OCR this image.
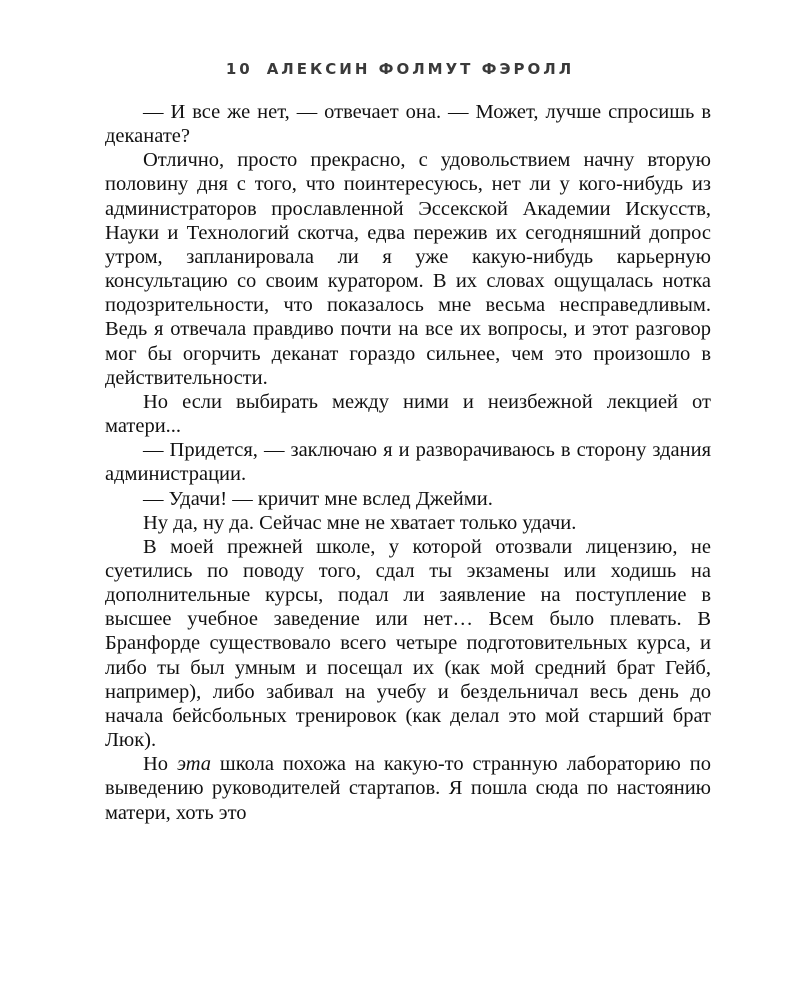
10 АЛЕКСИН ФОЛМУТ ФЭРОЛЛ

— И все же нет, — отвечает она. — Может, лучше спросишь в деканате?

Отлично, просто прекрасно, с удовольствием начну вторую половину дня с того, что поинтересуюсь, нет ли у кого-нибудь из администраторов прославленной Эссекской Академии Искусств, Науки и Технологий скотча, едва пережив их сегодняшний допрос утром, запланировала ли я уже какую-нибудь карьерную консультацию со своим куратором. В их словах ощущалась нотка подозрительности, что показалось мне весьма несправедливым. Ведь я отвечала правдиво почти на все их вопросы, и этот разговор мог бы огорчить деканат гораздо сильнее, чем это произошло в действительности.

Но если выбирать между ними и неизбежной лекцией от матери...

— Придется, — заключаю я и разворачиваюсь в сторону здания администрации.

— Удачи! — кричит мне вслед Джейми.

Ну да, ну да. Сейчас мне не хватает только удачи.

В моей прежней школе, у которой отозвали лицензию, не суетились по поводу того, сдал ты экзамены или ходишь на дополнительные курсы, подал ли заявление на поступление в высшее учебное заведение или нет… Всем было плевать. В Бранфорде существовало всего четыре подготовительных курса, и либо ты был умным и посещал их (как мой средний брат Гейб, например), либо забивал на учебу и бездельничал весь день до начала бейсбольных тренировок (как делал это мой старший брат Люк).

Но эта школа похожа на какую-то странную лабораторию по выведению руководителей стартaпов. Я пошла сюда по настоянию матери, хоть это
